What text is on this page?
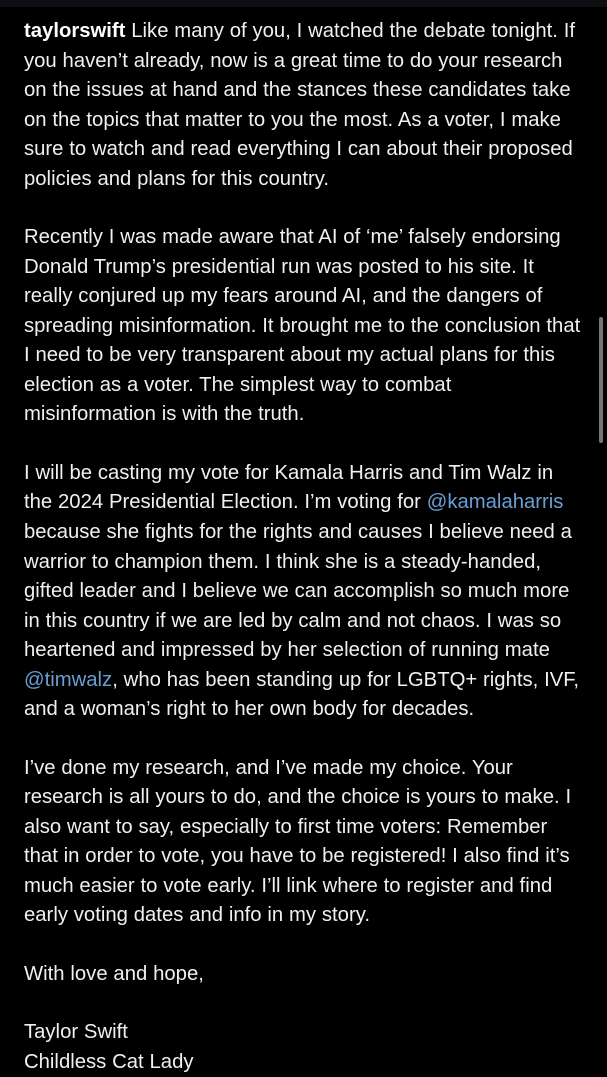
taylorswift Like many of you, I watched the debate tonight. If you haven’t already, now is a great time to do your research on the issues at hand and the stances these candidates take on the topics that matter to you the most. As a voter, I make sure to watch and read everything I can about their proposed policies and plans for this country.
Recently I was made aware that AI of ‘me’ falsely endorsing Donald Trump’s presidential run was posted to his site. It really conjured up my fears around AI, and the dangers of spreading misinformation. It brought me to the conclusion that I need to be very transparent about my actual plans for this election as a voter. The simplest way to combat misinformation is with the truth.
I will be casting my vote for Kamala Harris and Tim Walz in the 2024 Presidential Election. I’m voting for @kamalaharris because she fights for the rights and causes I believe need a warrior to champion them. I think she is a steady-handed, gifted leader and I believe we can accomplish so much more in this country if we are led by calm and not chaos. I was so heartened and impressed by her selection of running mate @timwalz, who has been standing up for LGBTQ+ rights, IVF, and a woman’s right to her own body for decades.
I’ve done my research, and I’ve made my choice. Your research is all yours to do, and the choice is yours to make. I also want to say, especially to first time voters: Remember that in order to vote, you have to be registered! I also find it’s much easier to vote early. I’ll link where to register and find early voting dates and info in my story.
With love and hope,
Taylor Swift
Childless Cat Lady
